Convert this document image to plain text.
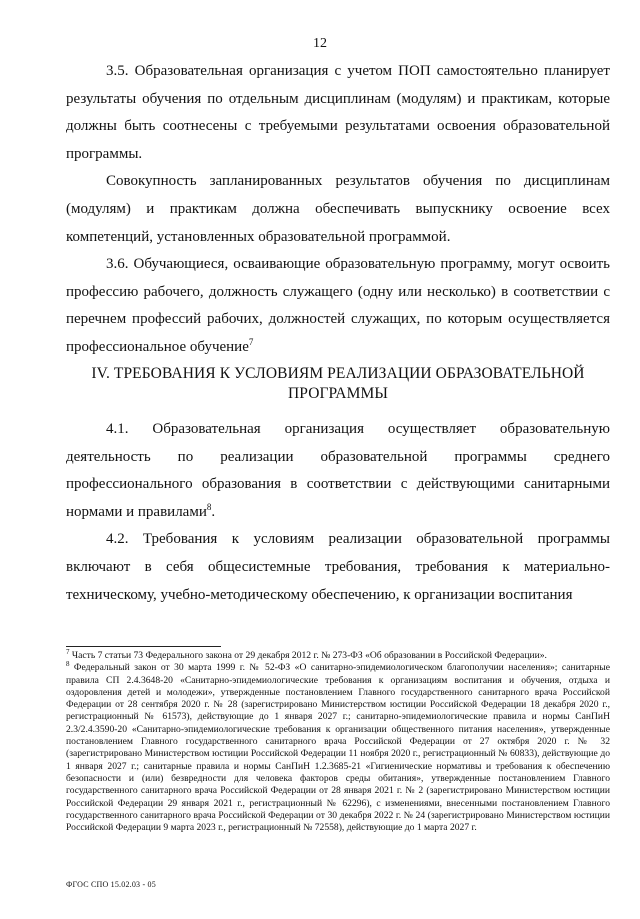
12

3.5. Образовательная организация с учетом ПОП самостоятельно планирует результаты обучения по отдельным дисциплинам (модулям) и практикам, которые должны быть соотнесены с требуемыми результатами освоения образовательной программы.

Совокупность запланированных результатов обучения по дисциплинам (модулям) и практикам должна обеспечивать выпускнику освоение всех компетенций, установленных образовательной программой.

3.6. Обучающиеся, осваивающие образовательную программу, могут освоить профессию рабочего, должность служащего (одну или несколько) в соответствии с перечнем профессий рабочих, должностей служащих, по которым осуществляется профессиональное обучение$^7$

IV. ТРЕБОВАНИЯ К УСЛОВИЯМ РЕАЛИЗАЦИИ ОБРАЗОВАТЕЛЬНОЙ
ПРОГРАММЫ

4.1. Образовательная организация осуществляет образовательную деятельность по реализации образовательной программы среднего профессионального образования в соответствии с действующими санитарными нормами и правилами$^8$.

4.2. Требования к условиям реализации образовательной программы включают в себя общесистемные требования, требования к материально-техническому, учебно-методическому обеспечению, к организации воспитания

$^7$ Часть 7 статьи 73 Федерального закона от 29 декабря 2012 г. № 273-ФЗ «Об образовании в Российской Федерации».

$^8$ Федеральный закон от 30 марта 1999 г. № 52-ФЗ «О санитарно-эпидемиологическом благополучии населения»; санитарные правила СП 2.4.3648-20 «Санитарно-эпидемиологические требования к организациям воспитания и обучения, отдыха и оздоровления детей и молодежи», утвержденные постановлением Главного государственного санитарного врача Российской Федерации от 28 сентября 2020 г. № 28 (зарегистрировано Министерством юстиции Российской Федерации 18 декабря 2020 г., регистрационный № 61573), действующие до 1 января 2027 г.; санитарно-эпидемиологические правила и нормы СанПиН 2.3/2.4.3590-20 «Санитарно-эпидемиологические требования к организации общественного питания населения», утвержденные постановлением Главного государственного санитарного врача Российской Федерации от 27 октября 2020 г. № 32 (зарегистрировано Министерством юстиции Российской Федерации 11 ноября 2020 г., регистрационный № 60833), действующие до 1 января 2027 г.; санитарные правила и нормы СанПиН 1.2.3685-21 «Гигиенические нормативы и требования к обеспечению безопасности и (или) безвредности для человека факторов среды обитания», утвержденные постановлением Главного государственного санитарного врача Российской Федерации от 28 января 2021 г. № 2 (зарегистрировано Министерством юстиции Российской Федерации 29 января 2021 г., регистрационный № 62296), с изменениями, внесенными постановлением Главного государственного санитарного врача Российской Федерации от 30 декабря 2022 г. № 24 (зарегистрировано Министерством юстиции Российской Федерации 9 марта 2023 г., регистрационный № 72558), действующие до 1 марта 2027 г.

ФГОС СПО 15.02.03 - 05
